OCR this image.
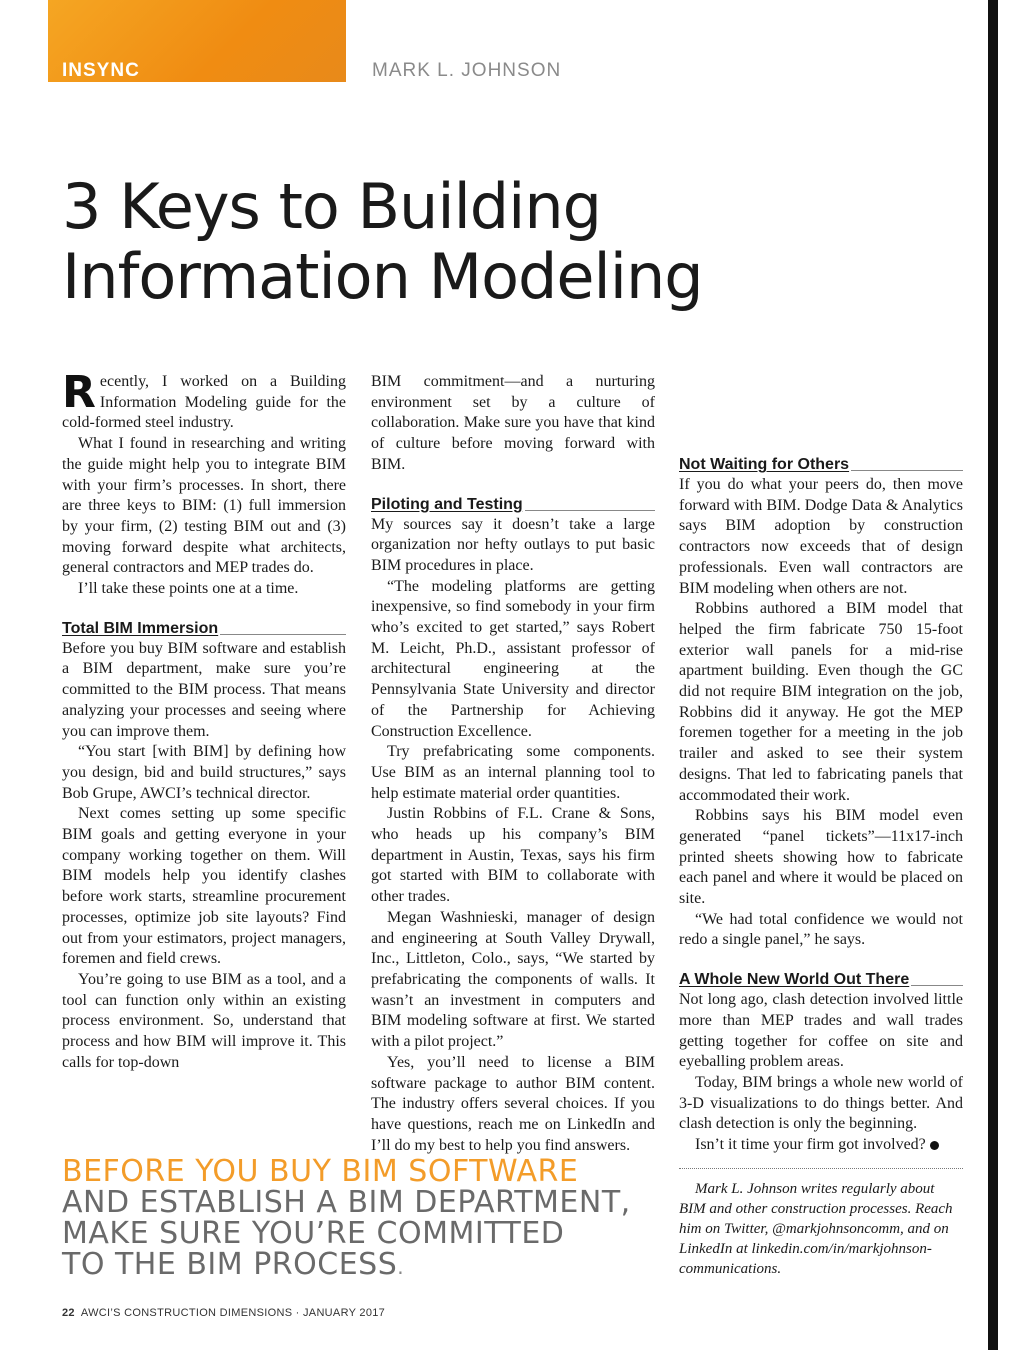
INSYNC	MARK L. JOHNSON
3 Keys to Building
Information Modeling

Recently, I worked on a Building Information Modeling guide for the cold-formed steel industry.

What I found in researching and writing the guide might help you to integrate BIM with your firm’s processes. In short, there are three keys to BIM: (1) full immersion by your firm, (2) testing BIM out and (3) moving forward despite what architects, general contractors and MEP trades do.

I’ll take these points one at a time.

Total BIM Immersion

Before you buy BIM software and establish a BIM department, make sure you’re committed to the BIM process. That means analyzing your processes and seeing where you can improve them.

“You start [with BIM] by defining how you design, bid and build structures,” says Bob Grupe, AWCI’s technical director.

Next comes setting up some specific BIM goals and getting everyone in your company working together on them. Will BIM models help you identify clashes before work starts, streamline procurement processes, optimize job site layouts? Find out from your estimators, project managers, foremen and field crews.

You’re going to use BIM as a tool, and a tool can function only within an existing process environment. So, understand that process and how BIM will improve it. This calls for top-down

BIM commitment—and a nurturing environment set by a culture of collaboration. Make sure you have that kind of culture before moving forward with BIM.

Piloting and Testing

My sources say it doesn’t take a large organization nor hefty outlays to put basic BIM procedures in place.

“The modeling platforms are getting inexpensive, so find somebody in your firm who’s excited to get started,” says Robert M. Leicht, Ph.D., assistant professor of architectural engineering at the Pennsylvania State University and director of the Partnership for Achieving Construction Excellence.

Try prefabricating some components. Use BIM as an internal planning tool to help estimate material order quantities.

Justin Robbins of F.L. Crane & Sons, who heads up his company’s BIM department in Austin, Texas, says his firm got started with BIM to collaborate with other trades.

Megan Washnieski, manager of design and engineering at South Valley Drywall, Inc., Littleton, Colo., says, “We started by prefabricating the components of walls. It wasn’t an investment in computers and BIM modeling software at first. We started with a pilot project.”

Yes, you’ll need to license a BIM software package to author BIM content. The industry offers several choices. If you have questions, reach me on LinkedIn and I’ll do my best to help you find answers.

Not Waiting for Others

If you do what your peers do, then move forward with BIM. Dodge Data & Analytics says BIM adoption by construction contractors now exceeds that of design professionals. Even wall contractors are BIM modeling when others are not.

Robbins authored a BIM model that helped the firm fabricate 750 15-foot exterior wall panels for a mid-rise apartment building. Even though the GC did not require BIM integration on the job, Robbins did it anyway. He got the MEP foremen together for a meeting in the job trailer and asked to see their system designs. That led to fabricating panels that accommodated their work.

Robbins says his BIM model even generated “panel tickets”—11x17-inch printed sheets showing how to fabricate each panel and where it would be placed on site.

“We had total confidence we would not redo a single panel,” he says.

A Whole New World Out There

Not long ago, clash detection involved little more than MEP trades and wall trades getting together for coffee on site and eyeballing problem areas.

Today, BIM brings a whole new world of 3-D visualizations to do things better. And clash detection is only the beginning.

Isn’t it time your firm got involved?

Mark L. Johnson writes regularly about BIM and other construction processes. Reach him on Twitter, @markjohnsoncomm, and on LinkedIn at linkedin.com/in/markjohnson-communications.

BEFORE YOU BUY BIM SOFTWARE
AND ESTABLISH A BIM DEPARTMENT,
MAKE SURE YOU’RE COMMITTED
TO THE BIM PROCESS.
22 AWCI’S CONSTRUCTION DIMENSIONS · JANUARY 2017
